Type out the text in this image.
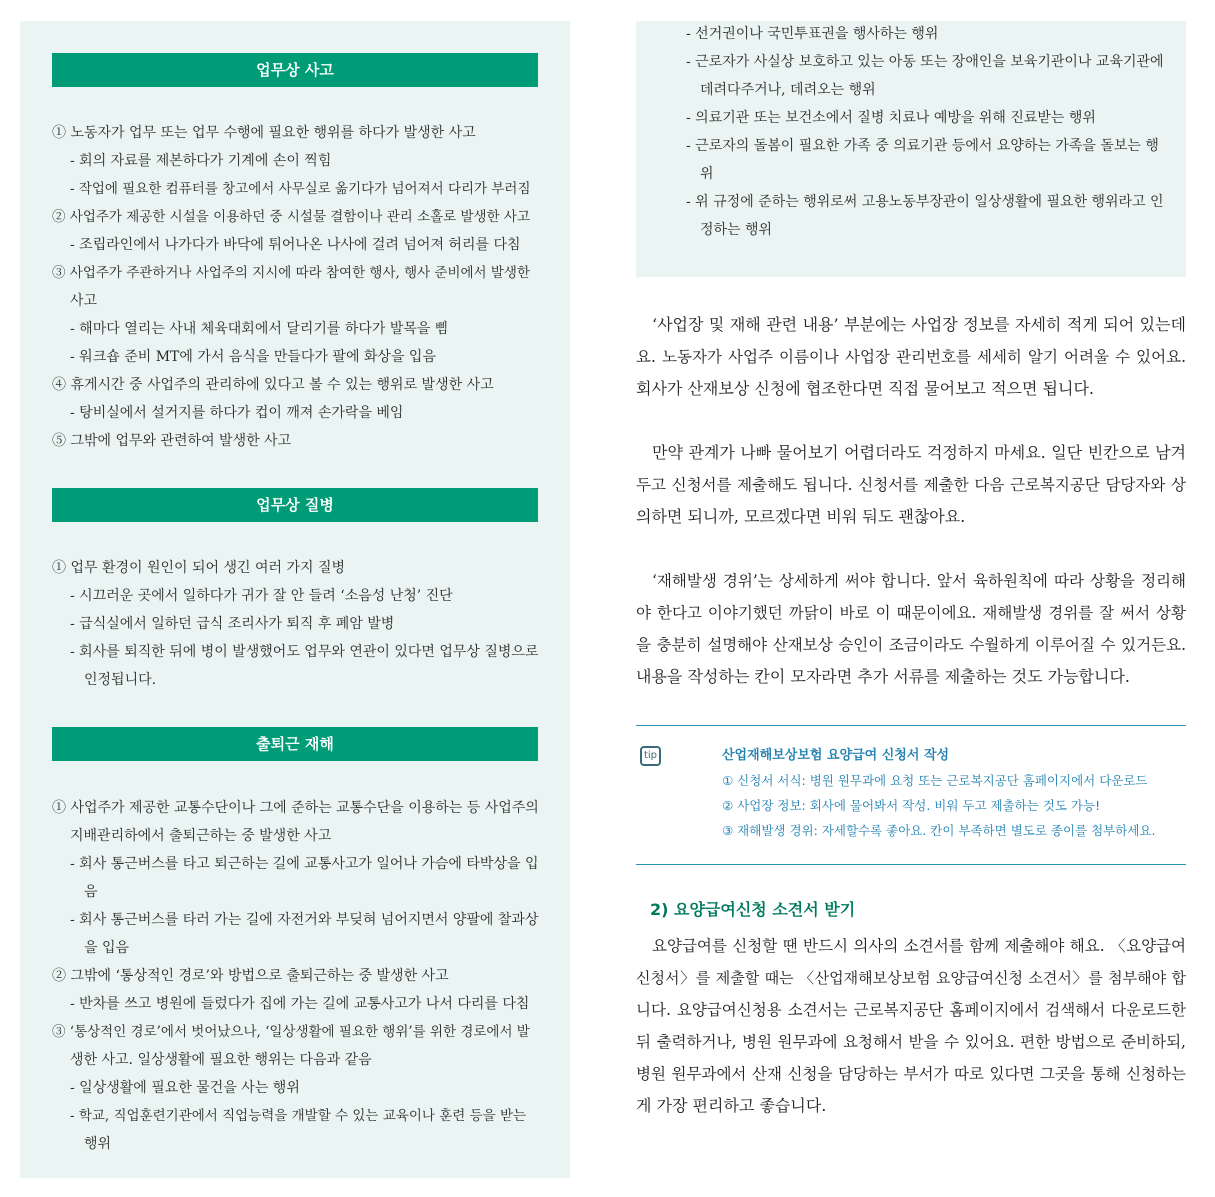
업무상 사고
① 노동자가 업무 또는 업무 수행에 필요한 행위를 하다가 발생한 사고
- 회의 자료를 제본하다가 기계에 손이 찍힘
- 작업에 필요한 컴퓨터를 창고에서 사무실로 옮기다가 넘어져서 다리가 부러짐
② 사업주가 제공한 시설을 이용하던 중 시설물 결함이나 관리 소홀로 발생한 사고
- 조립라인에서 나가다가 바닥에 튀어나온 나사에 걸려 넘어져 허리를 다침
③ 사업주가 주관하거나 사업주의 지시에 따라 참여한 행사, 행사 준비에서 발생한
사고
- 해마다 열리는 사내 체육대회에서 달리기를 하다가 발목을 삠
- 워크숍 준비 MT에 가서 음식을 만들다가 팔에 화상을 입음
④ 휴게시간 중 사업주의 관리하에 있다고 볼 수 있는 행위로 발생한 사고
- 탕비실에서 설거지를 하다가 컵이 깨져 손가락을 베임
⑤ 그밖에 업무와 관련하여 발생한 사고
업무상 질병
① 업무 환경이 원인이 되어 생긴 여러 가지 질병
- 시끄러운 곳에서 일하다가 귀가 잘 안 들려 ‘소음성 난청’ 진단
- 급식실에서 일하던 급식 조리사가 퇴직 후 폐암 발병
- 회사를 퇴직한 뒤에 병이 발생했어도 업무와 연관이 있다면 업무상 질병으로
인정됩니다.
출퇴근 재해
① 사업주가 제공한 교통수단이나 그에 준하는 교통수단을 이용하는 등 사업주의
지배관리하에서 출퇴근하는 중 발생한 사고
- 회사 통근버스를 타고 퇴근하는 길에 교통사고가 일어나 가슴에 타박상을 입
음
- 회사 통근버스를 타러 가는 길에 자전거와 부딪혀 넘어지면서 양팔에 찰과상
을 입음
② 그밖에 ‘통상적인 경로’와 방법으로 출퇴근하는 중 발생한 사고
- 반차를 쓰고 병원에 들렀다가 집에 가는 길에 교통사고가 나서 다리를 다침
③ ‘통상적인 경로’에서 벗어났으나, ‘일상생활에 필요한 행위’를 위한 경로에서 발
생한 사고. 일상생활에 필요한 행위는 다음과 같음
- 일상생활에 필요한 물건을 사는 행위
- 학교, 직업훈련기관에서 직업능력을 개발할 수 있는 교육이나 훈련 등을 받는
행위
- 선거권이나 국민투표권을 행사하는 행위
- 근로자가 사실상 보호하고 있는 아동 또는 장애인을 보육기관이나 교육기관에
데려다주거나, 데려오는 행위
- 의료기관 또는 보건소에서 질병 치료나 예방을 위해 진료받는 행위
- 근로자의 돌봄이 필요한 가족 중 의료기관 등에서 요양하는 가족을 돌보는 행
위
- 위 규정에 준하는 행위로써 고용노동부장관이 일상생활에 필요한 행위라고 인
정하는 행위
‘사업장 및 재해 관련 내용’ 부분에는 사업장 정보를 자세히 적게 되어 있는데
요. 노동자가 사업주 이름이나 사업장 관리번호를 세세히 알기 어려울 수 있어요.
회사가 산재보상 신청에 협조한다면 직접 물어보고 적으면 됩니다.
만약 관계가 나빠 물어보기 어렵더라도 걱정하지 마세요. 일단 빈칸으로 남겨
두고 신청서를 제출해도 됩니다. 신청서를 제출한 다음 근로복지공단 담당자와 상
의하면 되니까, 모르겠다면 비워 둬도 괜찮아요.
‘재해발생 경위’는 상세하게 써야 합니다. 앞서 육하원칙에 따라 상황을 정리해
야 한다고 이야기했던 까닭이 바로 이 때문이에요. 재해발생 경위를 잘 써서 상황
을 충분히 설명해야 산재보상 승인이 조금이라도 수월하게 이루어질 수 있거든요.
내용을 작성하는 칸이 모자라면 추가 서류를 제출하는 것도 가능합니다.
tip	산업재해보상보험 요양급여 신청서 작성
① 신청서 서식: 병원 원무과에 요청 또는 근로복지공단 홈페이지에서 다운로드
② 사업장 정보: 회사에 물어봐서 작성. 비워 두고 제출하는 것도 가능!
③ 재해발생 경위: 자세할수록 좋아요. 칸이 부족하면 별도로 종이를 첨부하세요.
2) 요양급여신청 소견서 받기
요양급여를 신청할 땐 반드시 의사의 소견서를 함께 제출해야 해요. 〈요양급여
신청서〉를 제출할 때는 〈산업재해보상보험 요양급여신청 소견서〉를 첨부해야 합
니다. 요양급여신청용 소견서는 근로복지공단 홈페이지에서 검색해서 다운로드한
뒤 출력하거나, 병원 원무과에 요청해서 받을 수 있어요. 편한 방법으로 준비하되,
병원 원무과에서 산재 신청을 담당하는 부서가 따로 있다면 그곳을 통해 신청하는
게 가장 편리하고 좋습니다.
